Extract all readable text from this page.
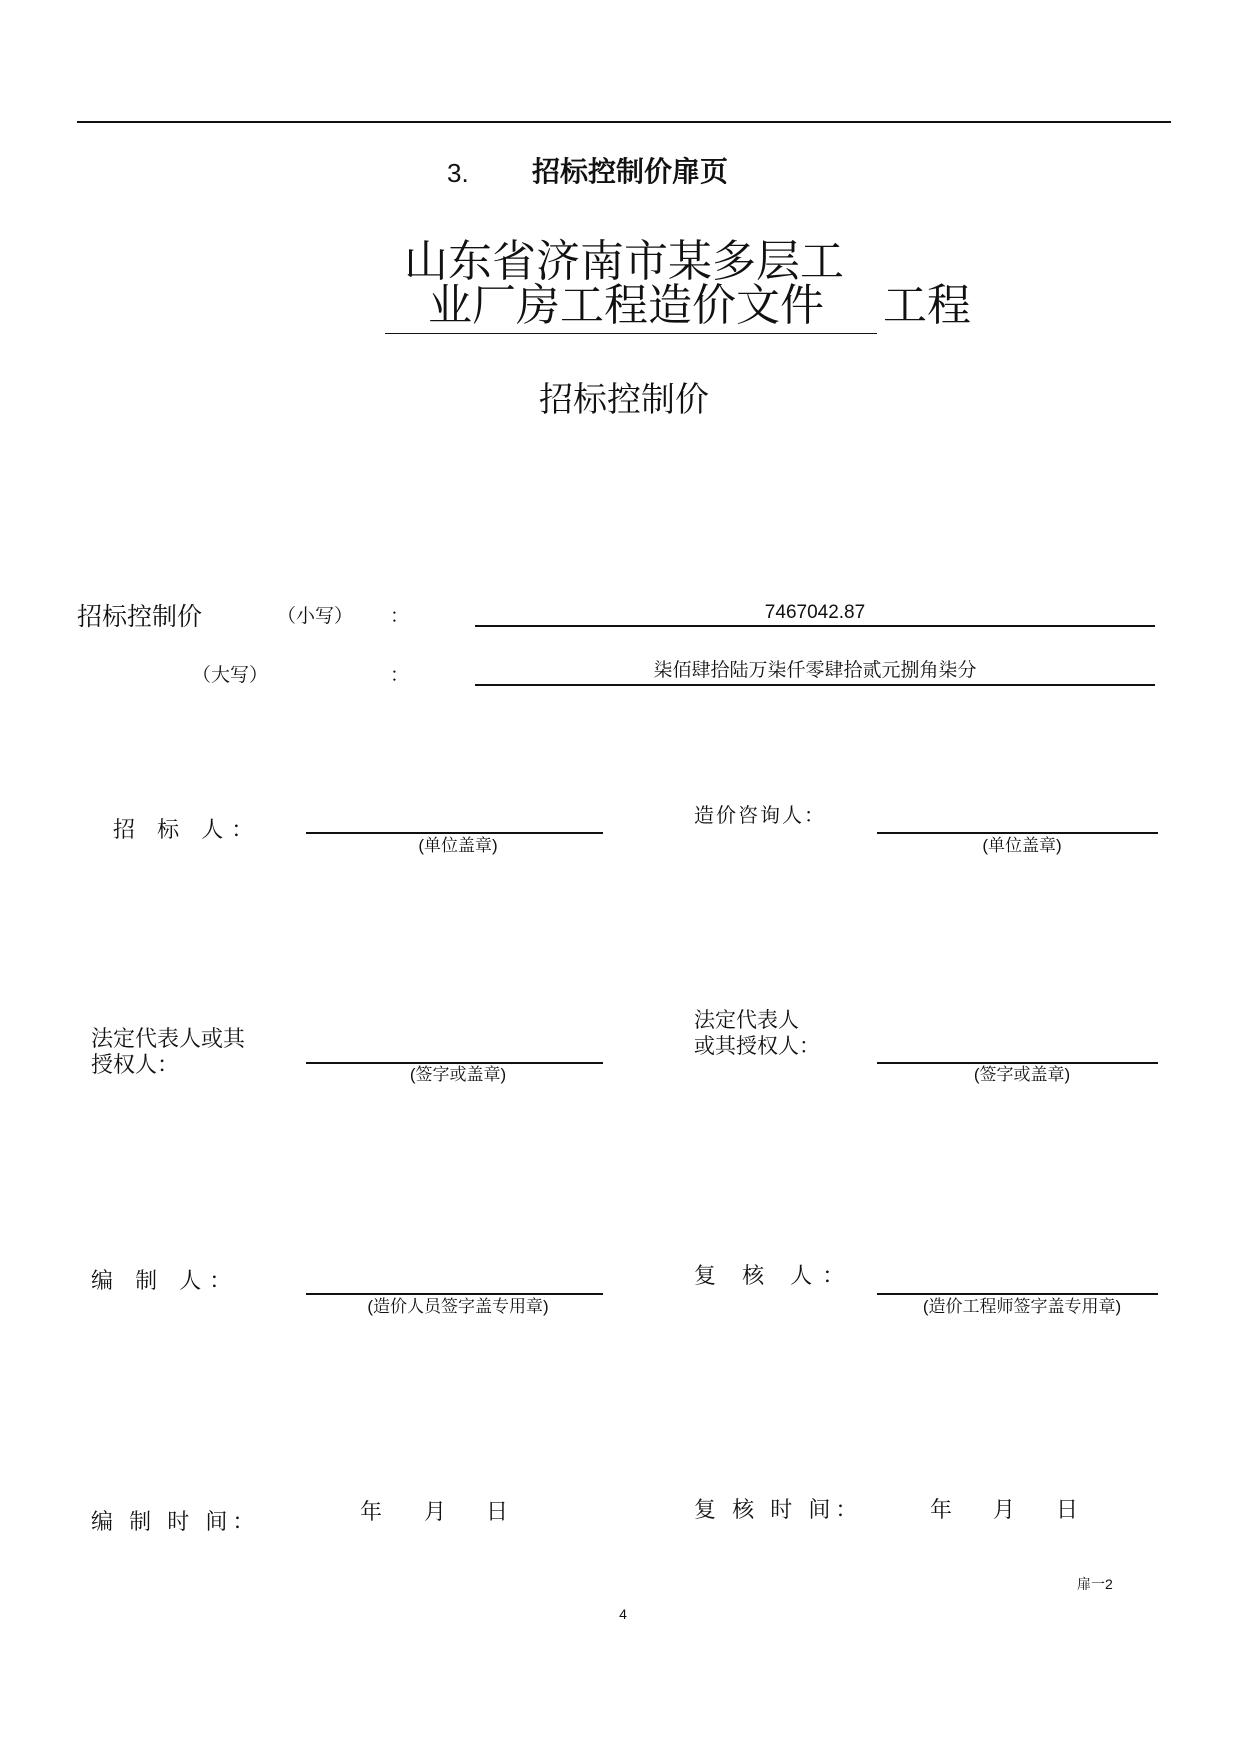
3. 招标控制价扉页
山东省济南市某多层工
业厂房工程造价文件 工程
招标控制价
招标控制价	（小写） ：	7467042.87
（大写）	：	柒佰肆拾陆万柒仟零肆拾贰元捌角柒分
招 标 人：
(单位盖章)
造价咨询人：
(单位盖章)
法定代表人或其
授权人：	(签字或盖章)
法定代表人
或其授权人：
(签字或盖章)
编 制 人：
(造价人员签字盖专用章)
复 核 人：
(造价工程师签字盖专用章)
编 制 时 间：	年 月 日	复 核 时 间：	年 月 日
扉一2
4
